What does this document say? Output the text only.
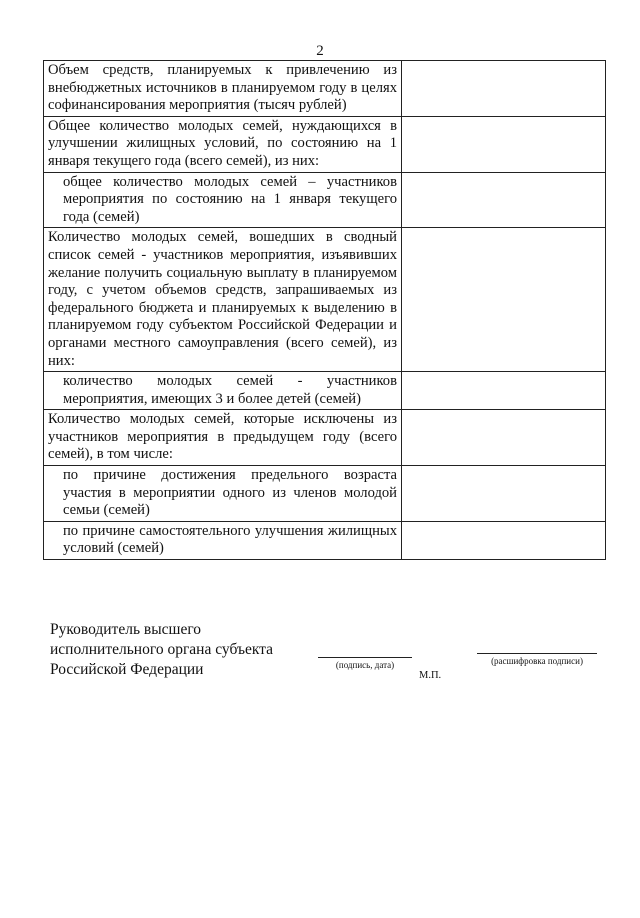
2
Объем средств, планируемых к привлечению из внебюджетных источников в планируемом году в целях софинансирования мероприятия (тысяч рублей)	

Общее количество молодых семей, нуждающихся в улучшении жилищных условий, по состоянию на 1 января текущего года (всего семей), из них:	

общее количество молодых семей – участников мероприятия по состоянию на 1 января текущего года (семей)	

Количество молодых семей, вошедших в сводный список семей - участников мероприятия, изъявивших желание получить социальную выплату в планируемом году, с учетом объемов средств, запрашиваемых из федерального бюджета и планируемых к выделению в планируемом году субъектом Российской Федерации и органами местного самоуправления (всего семей), из них:	

количество молодых семей - участников мероприятия, имеющих 3 и более детей (семей)	

Количество молодых семей, которые исключены из участников мероприятия в предыдущем году (всего семей), в том числе:	

по причине достижения предельного возраста участия в мероприятии одного из членов молодой семьи (семей)	

по причине самостоятельного улучшения жилищных условий (семей)	

Руководитель высшего
исполнительного органа субъекта
Российской Федерации	(подпись, дата)	(расшифровка подписи)
М.П.
